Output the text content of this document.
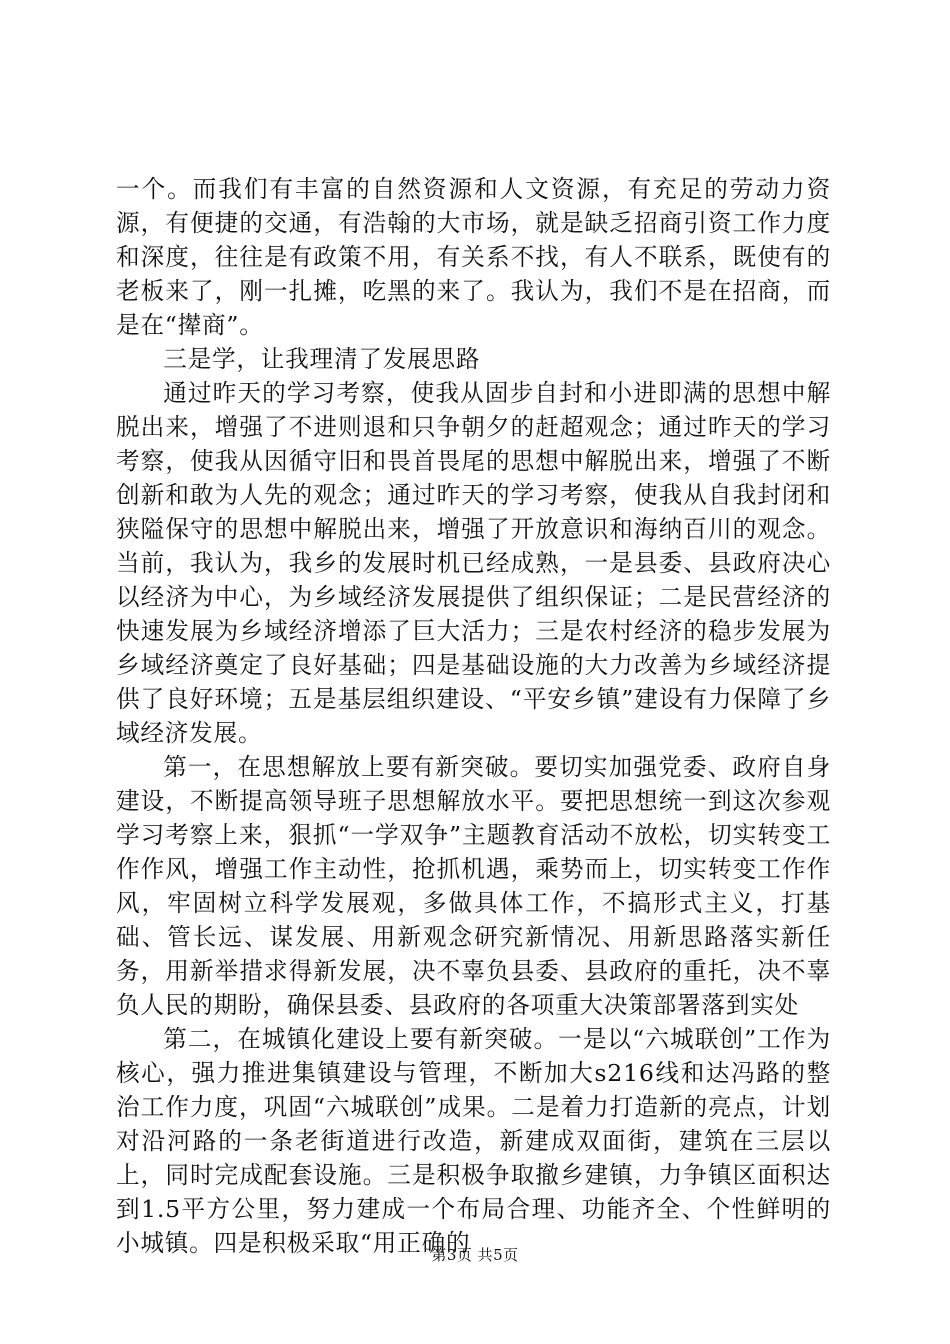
一个。而我们有丰富的自然资源和人文资源，有充足的劳动力资源，有便捷的交通，有浩翰的大市场，就是缺乏招商引资工作力度和深度，往往是有政策不用，有关系不找，有人不联系，既使有的老板来了，刚一扎摊，吃黑的来了。我认为，我们不是在招商，而是在“撵商”。

三是学，让我理清了发展思路

通过昨天的学习考察，使我从固步自封和小进即满的思想中解脱出来，增强了不进则退和只争朝夕的赶超观念；通过昨天的学习考察，使我从因循守旧和畏首畏尾的思想中解脱出来，增强了不断创新和敢为人先的观念；通过昨天的学习考察，使我从自我封闭和狭隘保守的思想中解脱出来，增强了开放意识和海纳百川的观念。当前，我认为，我乡的发展时机已经成熟，一是县委、县政府决心以经济为中心，为乡域经济发展提供了组织保证；二是民营经济的快速发展为乡域经济增添了巨大活力；三是农村经济的稳步发展为乡域经济奠定了良好基础；四是基础设施的大力改善为乡域经济提供了良好环境；五是基层组织建设、“平安乡镇”建设有力保障了乡域经济发展。

第一，在思想解放上要有新突破。要切实加强党委、政府自身建设，不断提高领导班子思想解放水平。要把思想统一到这次参观学习考察上来，狠抓“一学双争”主题教育活动不放松，切实转变工作作风，增强工作主动性，抢抓机遇，乘势而上，切实转变工作作风，牢固树立科学发展观，多做具体工作，不搞形式主义，打基础、管长远、谋发展、用新观念研究新情况、用新思路落实新任务，用新举措求得新发展，决不辜负县委、县政府的重托，决不辜负人民的期盼，确保县委、县政府的各项重大决策部署落到实处

第二，在城镇化建设上要有新突破。一是以“六城联创”工作为核心，强力推进集镇建设与管理，不断加大s216线和达冯路的整治工作力度，巩固“六城联创”成果。二是着力打造新的亮点，计划对沿河路的一条老街道进行改造，新建成双面街，建筑在三层以上，同时完成配套设施。三是积极争取撤乡建镇，力争镇区面积达到1.5平方公里，努力建成一个布局合理、功能齐全、个性鲜明的小城镇。四是积极采取“用正确的

第3页 共5页
